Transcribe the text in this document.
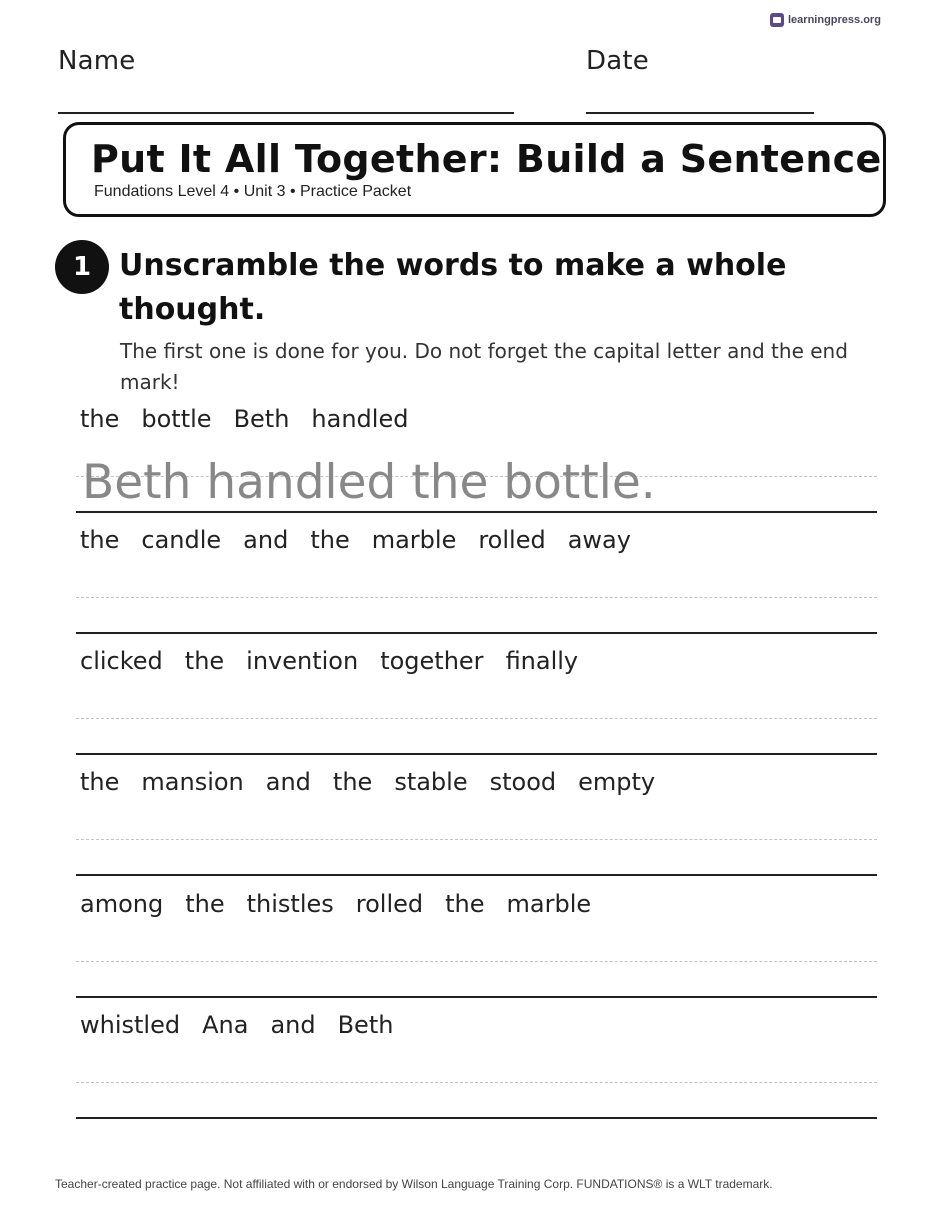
learningpress.org
Name	Date
Put It All Together: Build a Sentence
Fundations Level 4 • Unit 3 • Practice Packet
1 Unscramble the words to make a whole thought.

The first one is done for you. Do not forget the capital letter and the end mark!

the bottle Beth handled
Beth handled the bottle.
the candle and the marble rolled away
clicked the invention together finally
the mansion and the stable stood empty
among the thistles rolled the marble
whistled Ana and Beth
Teacher-created practice page. Not affiliated with or endorsed by Wilson Language Training Corp. FUNDATIONS® is a WLT trademark.
